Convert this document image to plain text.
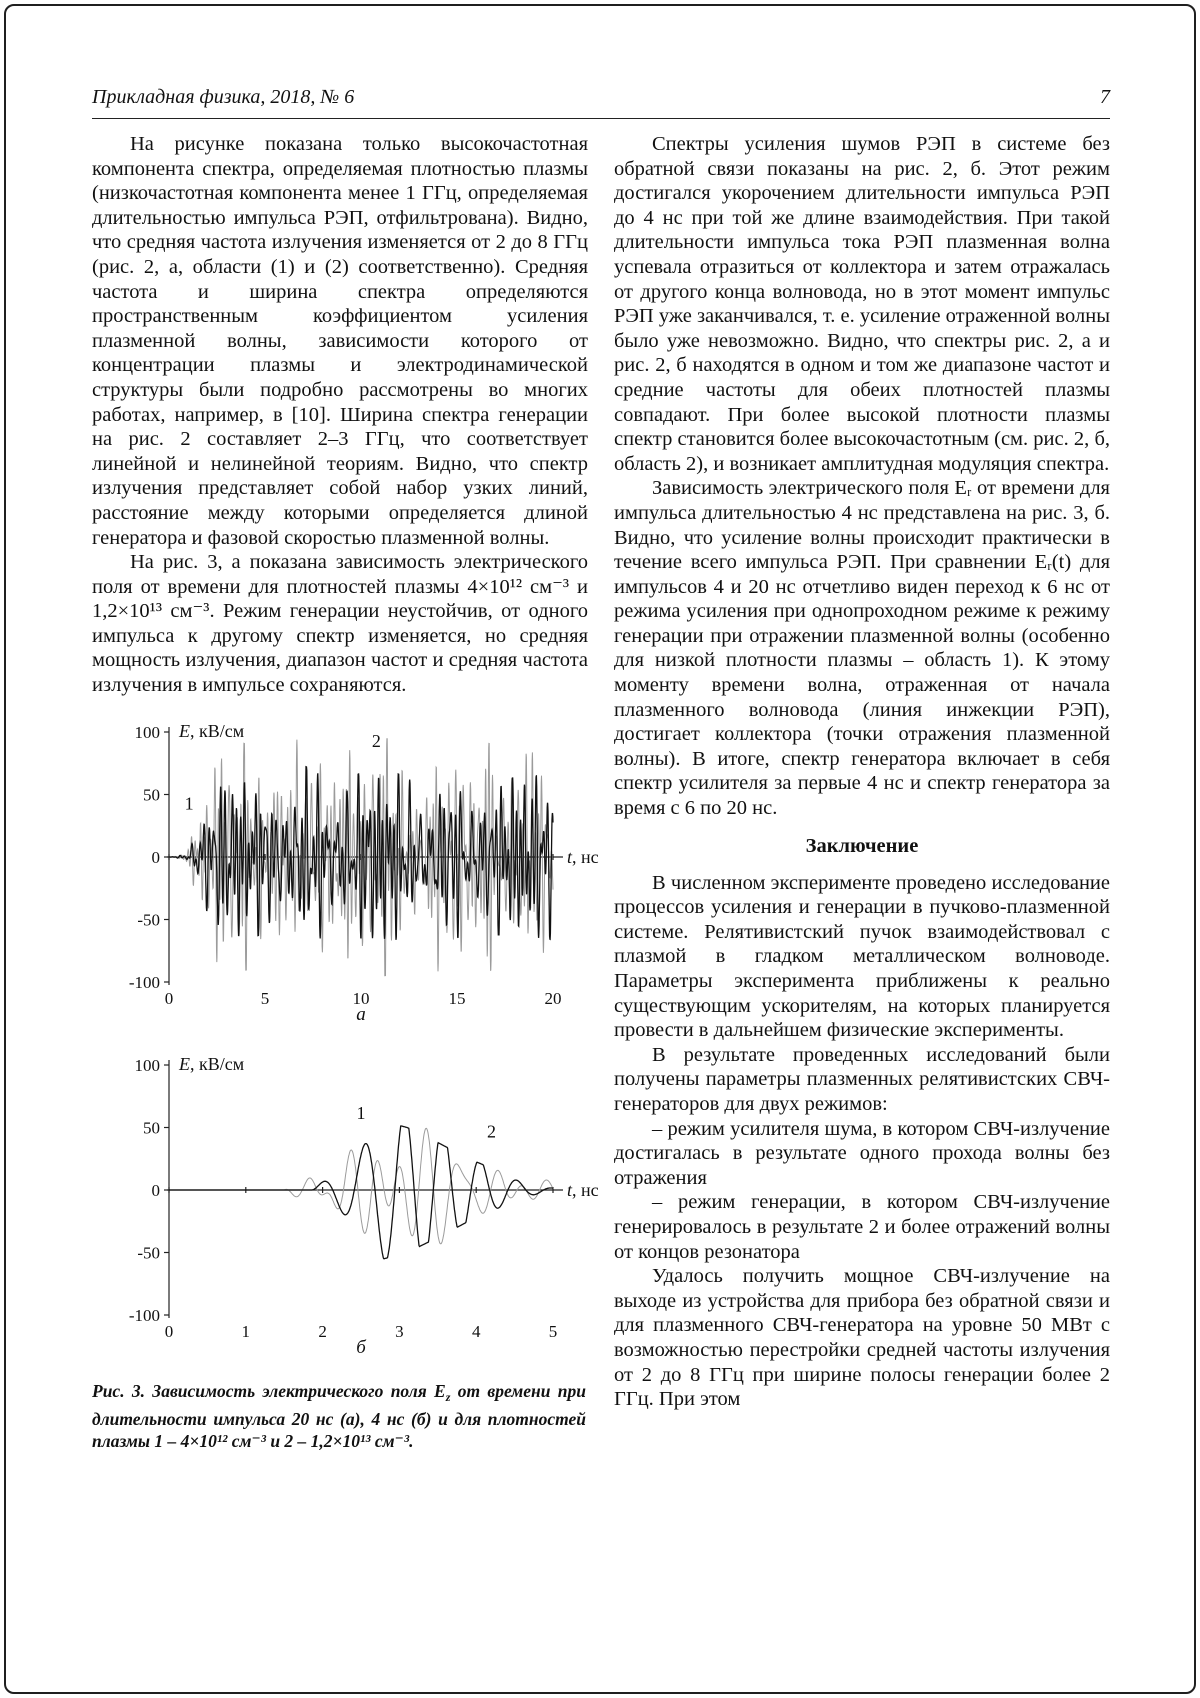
Прикладная физика, 2018, № 6	7

На рисунке показана только высокочастотная компонента спектра, определяемая плотностью плазмы (низкочастотная компонента менее 1 ГГц, определяемая длительностью импульса РЭП, отфильтрована). Видно, что средняя частота излучения изменяется от 2 до 8 ГГц (рис. 2, а, области (1) и (2) соответственно). Средняя частота и ширина спектра определяются пространственным коэффициентом усиления плазменной волны, зависимости которого от концентрации плазмы и электродинамической структуры были подробно рассмотрены во многих работах, например, в [10]. Ширина спектра генерации на рис. 2 составляет 2–3 ГГц, что соответствует линейной и нелинейной теориям. Видно, что спектр излучения представляет собой набор узких линий, расстояние между которыми определяется длиной генератора и фазовой скоростью плазменной волны.

На рис. 3, а показана зависимость электрического поля от времени для плотностей плазмы 4×10¹² см⁻³ и 1,2×10¹³ см⁻³. Режим генерации неустойчив, от одного импульса к другому спектр изменяется, но средняя мощность излучения, диапазон частот и средняя частота излучения в импульсе сохраняются.

100
50
0
-50
-100
0	5	10	15	20
E, кВ/см
t, нс
2
1
а
100
50
0
-50
-100
0	1	2	3	4	5
E, кВ/см
t, нс
2
1
б

Рис. 3. Зависимость электрического поля $E_z$ от времени при длительности импульса 20 нс (а), 4 нс (б) и для плотностей плазмы 1 – 4×10¹² см⁻³ и 2 – 1,2×10¹³ см⁻³.

Спектры усиления шумов РЭП в системе без обратной связи показаны на рис. 2, б. Этот режим достигался укорочением длительности импульса РЭП до 4 нс при той же длине взаимодействия. При такой длительности импульса тока РЭП плазменная волна успевала отразиться от коллектора и затем отражалась от другого конца волновода, но в этот момент импульс РЭП уже заканчивался, т. е. усиление отраженной волны было уже невозможно. Видно, что спектры рис. 2, а и рис. 2, б находятся в одном и том же диапазоне частот и средние частоты для обеих плотностей плазмы совпадают. При более высокой плотности плазмы спектр становится более высокочастотным (см. рис. 2, б, область 2), и возникает амплитудная модуляция спектра.

Зависимость электрического поля Eᵣ от времени для импульса длительностью 4 нс представлена на рис. 3, б. Видно, что усиление волны происходит практически в течение всего импульса РЭП. При сравнении Eᵣ(t) для импульсов 4 и 20 нс отчетливо виден переход к 6 нс от режима усиления при однопроходном режиме к режиму генерации при отражении плазменной волны (особенно для низкой плотности плазмы – область 1). К этому моменту времени волна, отраженная от начала плазменного волновода (линия инжекции РЭП), достигает коллектора (точки отражения плазменной волны). В итоге, спектр генератора включает в себя спектр усилителя за первые 4 нс и спектр генератора за время с 6 по 20 нс.

Заключение

В численном эксперименте проведено исследование процессов усиления и генерации в пучково-плазменной системе. Релятивистский пучок взаимодействовал с плазмой в гладком металлическом волноводе. Параметры эксперимента приближены к реально существующим ускорителям, на которых планируется провести в дальнейшем физические эксперименты.

В результате проведенных исследований были получены параметры плазменных релятивистских СВЧ-генераторов для двух режимов:

– режим усилителя шума, в котором СВЧ-излучение достигалась в результате одного прохода волны без отражения

– режим генерации, в котором СВЧ-излучение генерировалось в результате 2 и более отражений волны от концов резонатора

Удалось получить мощное СВЧ-излучение на выходе из устройства для прибора без обратной связи и для плазменного СВЧ-генератора на уровне 50 МВт с возможностью перестройки средней частоты излучения от 2 до 8 ГГц при ширине полосы генерации более 2 ГГц. При этом
